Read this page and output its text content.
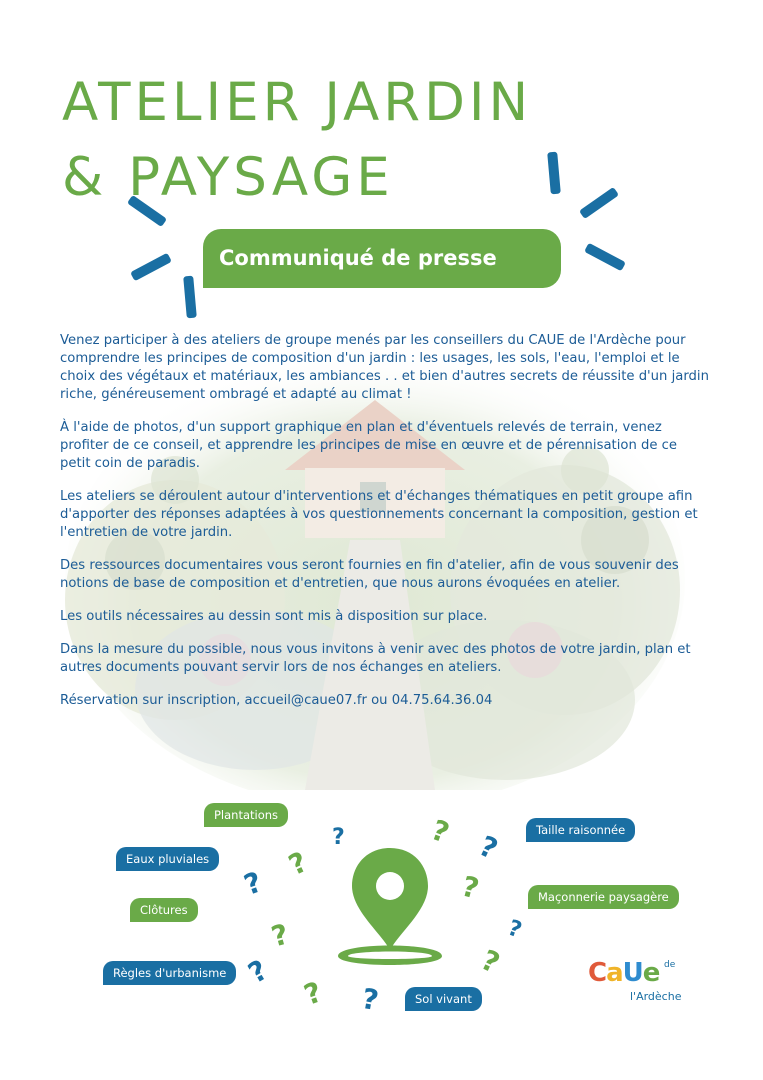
ATELIER JARDIN
& PAYSAGE
Communiqué de presse

Venez participer à des ateliers de groupe menés par les conseillers du CAUE de l'Ardèche pour comprendre les principes de composition d'un jardin : les usages, les sols, l'eau, l'emploi et le choix des végétaux et matériaux, les ambiances . . et bien d'autres secrets de réussite d'un jardin riche, généreusement ombragé et adapté au climat !

À l'aide de photos, d'un support graphique en plan et d'éventuels relevés de terrain, venez profiter de ce conseil, et apprendre les principes de mise en œuvre et de pérennisation de ce petit coin de paradis.

Les ateliers se déroulent autour d'interventions et d'échanges thématiques en petit groupe afin d'apporter des réponses adaptées à vos questionnements concernant la composition, gestion et l'entretien de votre jardin.

Des ressources documentaires vous seront fournies en fin d'atelier, afin de vous souvenir des notions de base de composition et d'entretien, que nous aurons évoquées en atelier.

Les outils nécessaires au dessin sont mis à disposition sur place.

Dans la mesure du possible, nous vous invitons à venir avec des photos de votre jardin, plan et autres documents pouvant servir lors de nos échanges en ateliers.

Réservation sur inscription, accueil@caue07.fr ou 04.75.64.36.04

Plantations
Eaux pluviales
Clôtures
Règles d'urbanisme
Taille raisonnée
Maçonnerie paysagère
Sol vivant
?
?
?
?
?
? ?
? ?
?
?
?	CaUe de
l'Ardèche
